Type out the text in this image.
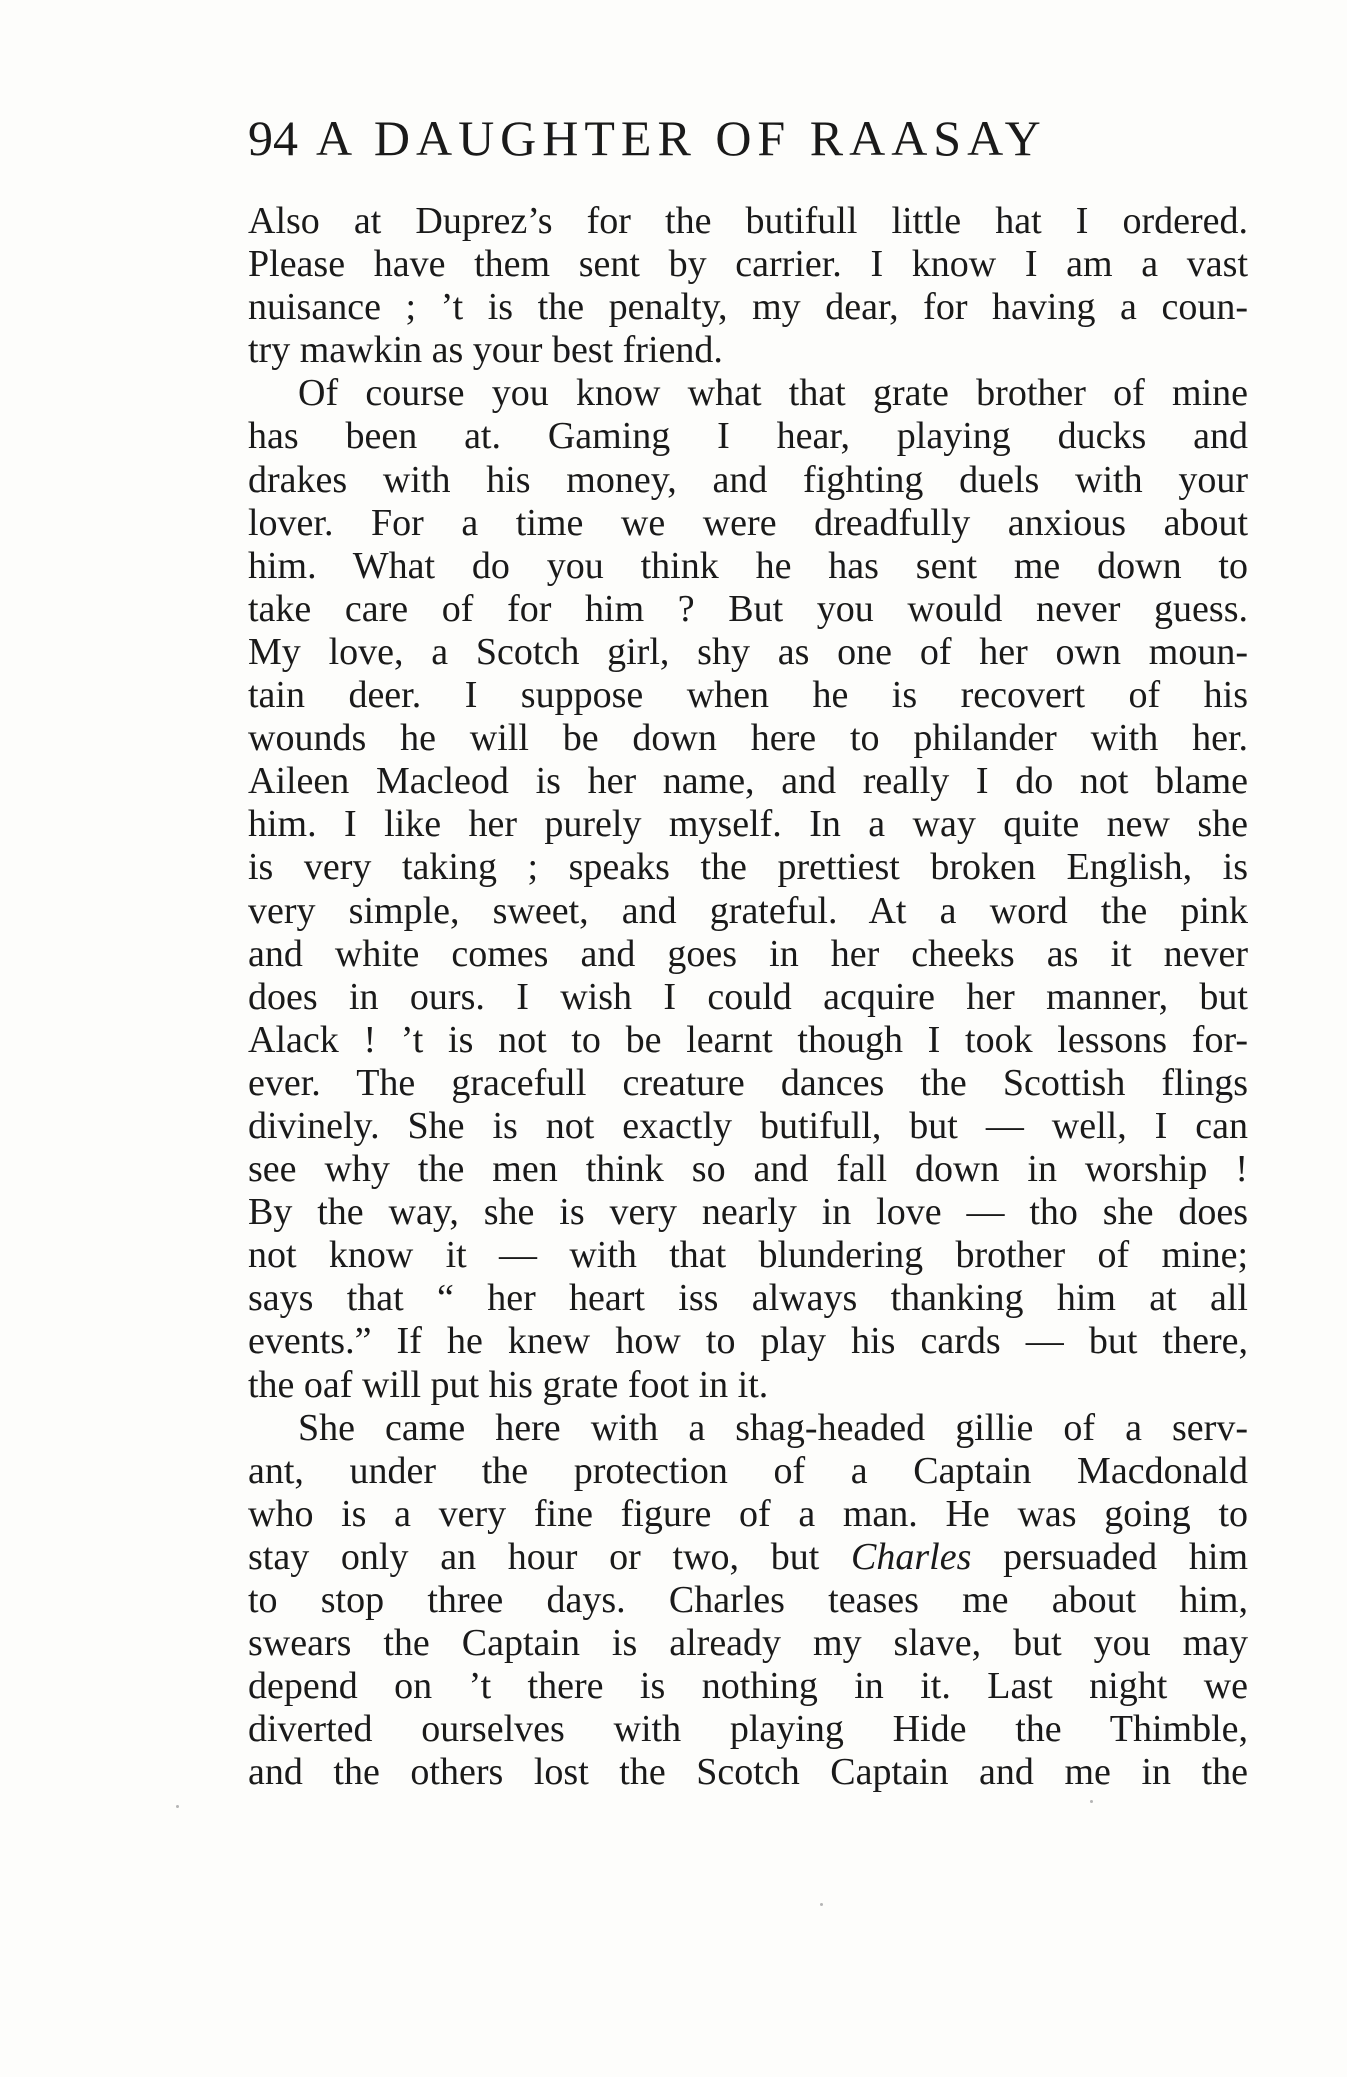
94 A DAUGHTER OF RAASAY
Also at Duprez’s for the butifull little hat I ordered.
Please have them sent by carrier. I know I am a vast
nuisance ; ’t is the penalty, my dear, for having a coun-
try mawkin as your best friend.
Of course you know what that grate brother of mine
has been at. Gaming I hear, playing ducks and
drakes with his money, and fighting duels with your
lover. For a time we were dreadfully anxious about
him. What do you think he has sent me down to
take care of for him ? But you would never guess.
My love, a Scotch girl, shy as one of her own moun-
tain deer. I suppose when he is recovert of his
wounds he will be down here to philander with her.
Aileen Macleod is her name, and really I do not blame
him. I like her purely myself. In a way quite new she
is very taking ; speaks the prettiest broken English, is
very simple, sweet, and grateful. At a word the pink
and white comes and goes in her cheeks as it never
does in ours. I wish I could acquire her manner, but
Alack ! ’t is not to be learnt though I took lessons for-
ever. The gracefull creature dances the Scottish flings
divinely. She is not exactly butifull, but — well, I can
see why the men think so and fall down in worship !
By the way, she is very nearly in love — tho she does
not know it — with that blundering brother of mine;
says that “ her heart iss always thanking him at all
events.” If he knew how to play his cards — but there,
the oaf will put his grate foot in it.
She came here with a shag-headed gillie of a serv-
ant, under the protection of a Captain Macdonald
who is a very fine figure of a man. He was going to
stay only an hour or two, but Charles persuaded him
to stop three days. Charles teases me about him,
swears the Captain is already my slave, but you may
depend on ’t there is nothing in it. Last night we
diverted ourselves with playing Hide the Thimble,
and the others lost the Scotch Captain and me in the
